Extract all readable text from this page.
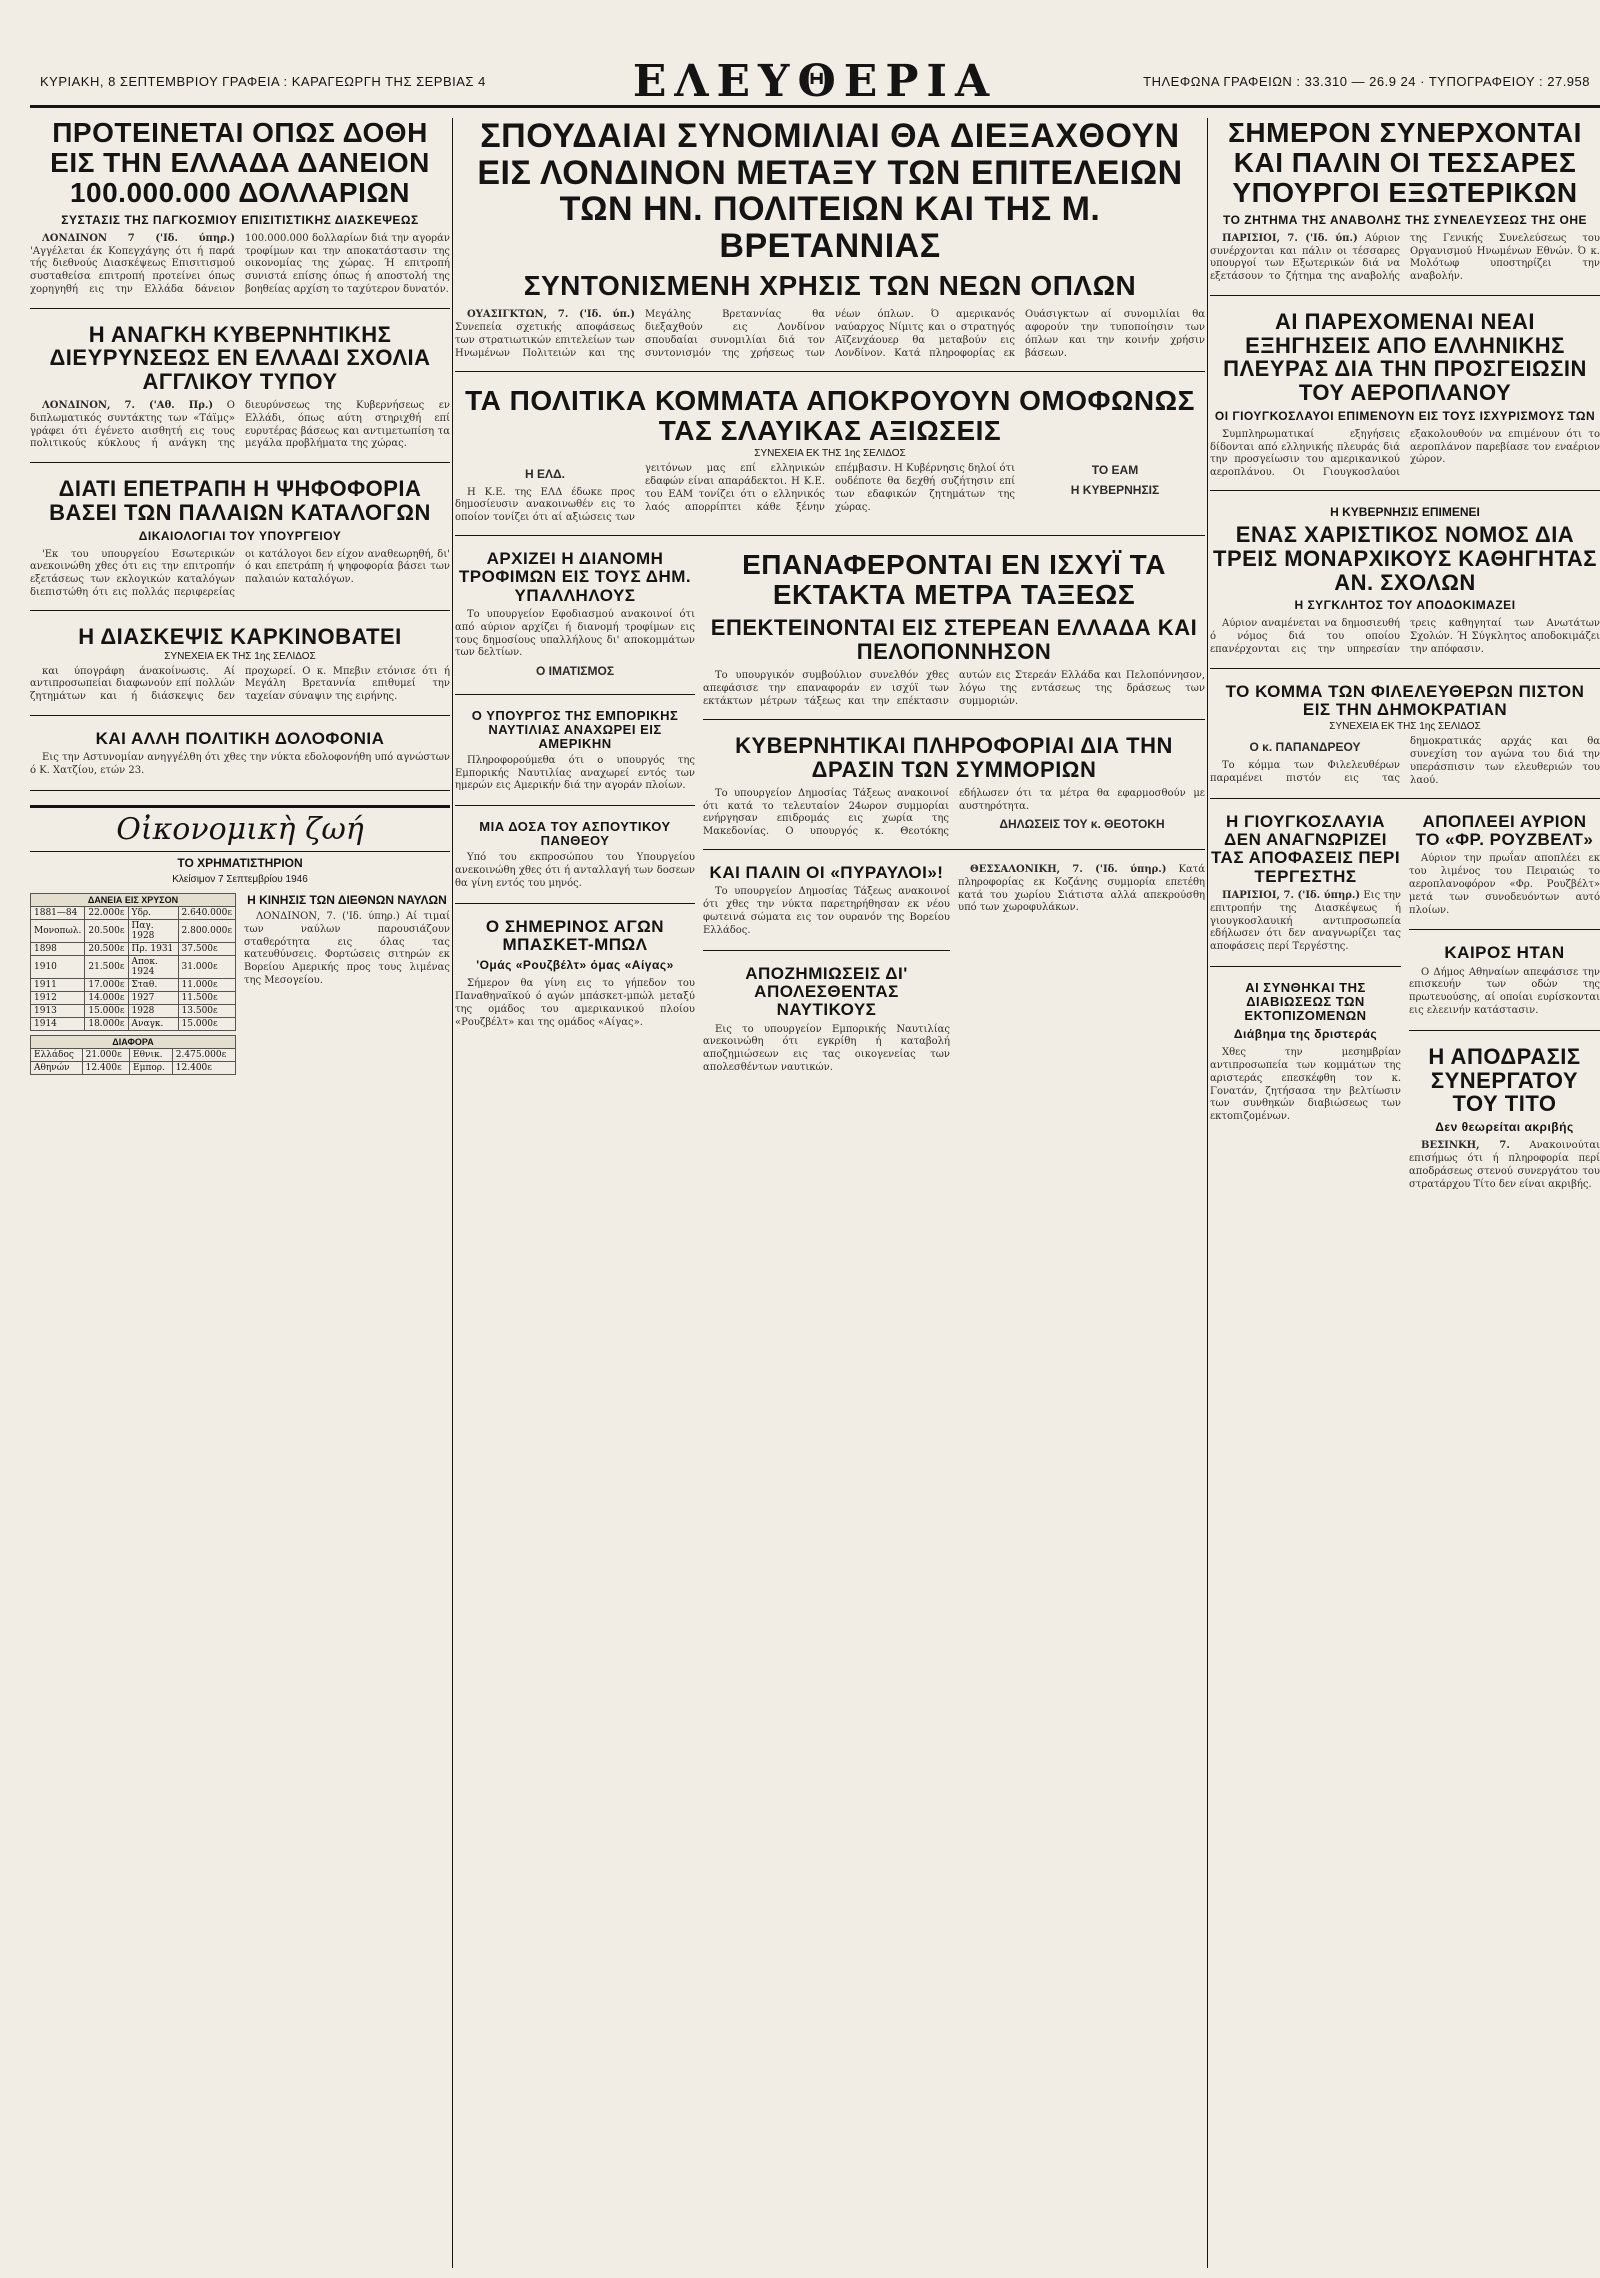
ΚΥΡΙΑΚΗ, 8 ΣΕΠΤΕΜΒΡΙΟΥ ΓΡΑΦΕΙΑ : ΚΑΡΑΓΕΩΡΓΗ ΤΗΣ ΣΕΡΒΙΑΣ 4	ΕΛΕΥΘΕΡΙΑ	ΤΗΛΕΦΩΝΑ ΓΡΑΦΕΙΩΝ : 33.310 — 26.9 24 · ΤΥΠΟΓΡΑΦΕΙΟΥ : 27.958
ΠΡΟΤΕΙΝΕΤΑΙ ΟΠΩΣ ΔΟΘΗ ΕΙΣ ΤΗΝ ΕΛΛΑΔΑ ΔΑΝΕΙΟΝ 100.000.000 ΔΟΛΛΑΡΙΩΝ
ΣΥΣΤΑΣΙΣ ΤΗΣ ΠΑΓΚΟΣΜΙΟΥ ΕΠΙΣΙΤΙΣΤΙΚΗΣ ΔΙΑΣΚΕΨΕΩΣ

ΛΟΝΔΙΝΟΝ 7 ('Ιδ. ύπηρ.) 'Αγγέλεται έκ Κοπεγχάγης ότι ή παρά τής διεθνούς Διασκέψεως Επισιτισμού συσταθείσα επιτροπή προτείνει όπως χορηγηθή εις την Ελλάδα δάνειον 100.000.000 δολλαρίων διά την αγοράν τροφίμων και την αποκατάστασιν της οικονομίας της χώρας. Ή επιτροπή συνιστά επίσης όπως ή αποστολή της βοηθείας αρχίση το ταχύτερον δυνατόν.

Η ΑΝΑΓΚΗ ΚΥΒΕΡΝΗΤΙΚΗΣ ΔΙΕΥΡΥΝΣΕΩΣ ΕΝ ΕΛΛΑΔΙ ΣΧΟΛΙΑ ΑΓΓΛΙΚΟΥ ΤΥΠΟΥ

ΛΟΝΔΙΝΟΝ, 7. ('Αθ. Πρ.) Ο διπλωματικός συντάκτης των «Τάϊμς» γράφει ότι έγένετο αισθητή εις τους πολιτικούς κύκλους ή ανάγκη της διευρύνσεως της Κυβερνήσεως εν Ελλάδι, όπως αύτη στηριχθή επί ευρυτέρας βάσεως και αντιμετωπίση τα μεγάλα προβλήματα της χώρας.

ΔΙΑΤΙ ΕΠΕΤΡΑΠΗ Η ΨΗΦΟΦΟΡΙΑ ΒΑΣΕΙ ΤΩΝ ΠΑΛΑΙΩΝ ΚΑΤΑΛΟΓΩΝ
ΔΙΚΑΙΟΛΟΓΙΑΙ ΤΟΥ ΥΠΟΥΡΓΕΙΟΥ

'Εκ του υπουργείου Εσωτερικών ανεκοινώθη χθες ότι εις την επιτροπήν εξετάσεως των εκλογικών καταλόγων διεπιστώθη ότι εις πολλάς περιφερείας οι κατάλογοι δεν είχον αναθεωρηθή, δι' ό και επετράπη ή ψηφοφορία βάσει των παλαιών καταλόγων.

Η ΔΙΑΣΚΕΨΙΣ ΚΑΡΚΙΝΟΒΑΤΕΙ
ΣΥΝΕΧΕΙΑ ΕΚ ΤΗΣ 1ης ΣΕΛΙΔΟΣ

και ύπογράφη άνακοίνωσις. Αί αντιπροσωπείαι διαφωνούν επί πολλών ζητημάτων και ή διάσκεψις δεν προχωρεί. Ο κ. Μπεβιν ετόνισε ότι ή Μεγάλη Βρεταννία επιθυμεί την ταχείαν σύναψιν της ειρήνης.

ΚΑΙ ΑΛΛΗ ΠΟΛΙΤΙΚΗ ΔΟΛΟΦΟΝΙΑ

Εις την Αστυνομίαν ανηγγέλθη ότι χθες την νύκτα εδολοφονήθη υπό αγνώστων ό Κ. Χατζίου, ετών 23.

Οἰκονομικὴ ζωή
ΤΟ ΧΡΗΜΑΤΙΣΤΗΡΙΟΝ
Κλείσιμον 7 Σεπτεμβρίου 1946
ΔΑΝΕΙΑ ΕΙΣ ΧΡΥΣΟΝ			
1881—84	22.000ε	Υδρ.	2.640.000ε
Μονοπωλ.	20.500ε	Παγ. 1928	2.800.000ε
1898	20.500ε	Πρ. 1931	37.500ε
1910	21.500ε	Αποκ. 1924	31.000ε
1911	17.000ε	Σταθ.	11.000ε
1912	14.000ε	1927	11.500ε
1913	15.000ε	1928	13.500ε
1914	18.000ε	Αναγκ.	15.000ε
ΔΙΑΦΟΡΑ			
Ελλάδος	21.000ε	Εθνικ.	2.475.000ε
Αθηνών	12.400ε	Εμπορ.	12.400ε
Η ΚΙΝΗΣΙΣ ΤΩΝ ΔΙΕΘΝΩΝ ΝΑΥΛΩΝ

ΛΟΝΔΙΝΟΝ, 7. ('Ιδ. ύπηρ.) Αί τιμαί των ναύλων παρουσιάζουν σταθερότητα εις όλας τας κατευθύνσεις. Φορτώσεις σιτηρών εκ Βορείου Αμερικής προς τους λιμένας της Μεσογείου.

ΣΠΟΥΔΑΙΑΙ ΣΥΝΟΜΙΛΙΑΙ ΘΑ ΔΙΕΞΑΧΘΟΥΝ ΕΙΣ ΛΟΝΔΙΝΟΝ ΜΕΤΑΞΥ ΤΩΝ ΕΠΙΤΕΛΕΙΩΝ ΤΩΝ ΗΝ. ΠΟΛΙΤΕΙΩΝ ΚΑΙ ΤΗΣ Μ. ΒΡΕΤΑΝΝΙΑΣ
ΣΥΝΤΟΝΙΣΜΕΝΗ ΧΡΗΣΙΣ ΤΩΝ ΝΕΩΝ ΟΠΛΩΝ

ΟΥΑΣΙΓΚΤΩΝ, 7. ('Ιδ. ύπ.) Συνεπεία σχετικής αποφάσεως των στρατιωτικών επιτελείων των Ηνωμένων Πολιτειών και της Μεγάλης Βρεταννίας θα διεξαχθούν εις Λονδίνον σπουδαίαι συνομιλίαι διά τον συντονισμόν της χρήσεως των νέων όπλων. Ό αμερικανός ναύαρχος Νίμιτς και ο στρατηγός Αϊζενχάουερ θα μεταβούν εις Λονδίνον. Κατά πληροφορίας εκ Ουάσιγκτων αί συνομιλίαι θα αφορούν την τυποποίησιν των όπλων και την κοινήν χρήσιν βάσεων.

ΤΑ ΠΟΛΙΤΙΚΑ ΚΟΜΜΑΤΑ ΑΠΟΚΡΟΥΟΥΝ ΟΜΟΦΩΝΩΣ ΤΑΣ ΣΛΑΥΙΚΑΣ ΑΞΙΩΣΕΙΣ
ΣΥΝΕΧΕΙΑ ΕΚ ΤΗΣ 1ης ΣΕΛΙΔΟΣ
Η ΕΛΔ.

Η Κ.Ε. της ΕΛΔ έδωκε προς δημοσίευσιν ανακοινωθέν εις το οποίον τονίζει ότι αί αξιώσεις των γειτόνων μας επί ελληνικών εδαφών είναι απαράδεκτοι. Η Κ.Ε. του ΕΑΜ τονίζει ότι ο ελληνικός λαός απορρίπτει κάθε ξένην επέμβασιν. Η Κυβέρνησις δηλοί ότι ουδέποτε θα δεχθή συζήτησιν επί των εδαφικών ζητημάτων της χώρας.

ΤΟ ΕΑΜ
Η ΚΥΒΕΡΝΗΣΙΣ
ΑΡΧΙΖΕΙ Η ΔΙΑΝΟΜΗ ΤΡΟΦΙΜΩΝ ΕΙΣ ΤΟΥΣ ΔΗΜ. ΥΠΑΛΛΗΛΟΥΣ

Το υπουργείον Εφοδιασμού ανακοινοί ότι από αύριον αρχίζει ή διανομή τροφίμων εις τους δημοσίους υπαλλήλους δι' αποκομμάτων των δελτίων.

Ο ΙΜΑΤΙΣΜΟΣ
Ο ΥΠΟΥΡΓΟΣ ΤΗΣ ΕΜΠΟΡΙΚΗΣ ΝΑΥΤΙΛΙΑΣ ΑΝΑΧΩΡΕΙ ΕΙΣ ΑΜΕΡΙΚΗΝ

Πληροφορούμεθα ότι ο υπουργός της Εμπορικής Ναυτιλίας αναχωρεί εντός των ημερών εις Αμερικήν διά την αγοράν πλοίων.

ΜΙΑ ΔΟΣΑ ΤΟΥ ΑΣΠΟΥΤΙΚΟΥ ΠΑΝΘΕΟΥ

Υπό του εκπροσώπου του Υπουργείου ανεκοινώθη χθες ότι ή ανταλλαγή των δοσεων θα γίνη εντός του μηνός.

Ο ΣΗΜΕΡΙΝΟΣ ΑΓΩΝ ΜΠΑΣΚΕΤ-ΜΠΩΛ
'Ομάς «Ρουζβέλτ» όμας «Αίγας»

Σήμερον θα γίνη εις το γήπεδον του Παναθηναϊκού ό αγών μπάσκετ-μπώλ μεταξύ της ομάδος του αμερικανικού πλοίου «Ρουζβέλτ» και της ομάδος «Αίγας».

ΕΠΑΝΑΦΕΡΟΝΤΑΙ ΕΝ ΙΣΧΥΪ ΤΑ ΕΚΤΑΚΤΑ ΜΕΤΡΑ ΤΑΞΕΩΣ
ΕΠΕΚΤΕΙΝΟΝΤΑΙ ΕΙΣ ΣΤΕΡΕΑΝ ΕΛΛΑΔΑ ΚΑΙ ΠΕΛΟΠΟΝΝΗΣΟΝ

Το υπουργικόν συμβούλιον συνελθόν χθες απεφάσισε την επαναφοράν εν ισχύϊ των εκτάκτων μέτρων τάξεως και την επέκτασιν αυτών εις Στερεάν Ελλάδα και Πελοπόννησον, λόγω της εντάσεως της δράσεως των συμμοριών.

ΚΥΒΕΡΝΗΤΙΚΑΙ ΠΛΗΡΟΦΟΡΙΑΙ ΔΙΑ ΤΗΝ ΔΡΑΣΙΝ ΤΩΝ ΣΥΜΜΟΡΙΩΝ

Το υπουργείον Δημοσίας Τάξεως ανακοινοί ότι κατά το τελευταίον 24ωρον συμμορίαι ενήργησαν επιδρομάς εις χωρία της Μακεδονίας. Ο υπουργός κ. Θεοτόκης εδήλωσεν ότι τα μέτρα θα εφαρμοσθούν με αυστηρότητα.

ΔΗΛΩΣΕΙΣ ΤΟΥ κ. ΘΕΟΤΟΚΗ
ΚΑΙ ΠΑΛΙΝ ΟΙ «ΠΥΡΑΥΛΟΙ»!

Το υπουργείον Δημοσίας Τάξεως ανακοινοί ότι χθες την νύκτα παρετηρήθησαν εκ νέου φωτεινά σώματα εις τον ουρανόν της Βορείου Ελλάδος.

ΑΠΟΖΗΜΙΩΣΕΙΣ ΔΙ' ΑΠΟΛΕΣΘΕΝΤΑΣ ΝΑΥΤΙΚΟΥΣ

Εις το υπουργείον Εμπορικής Ναυτιλίας ανεκοινώθη ότι εγκρίθη ή καταβολή αποζημιώσεων εις τας οικογενείας των απολεσθέντων ναυτικών.

ΘΕΣΣΑΛΟΝΙΚΗ, 7. ('Ιδ. ύπηρ.) Κατά πληροφορίας εκ Κοζάνης συμμορία επετέθη κατά του χωρίου Σιάτιστα αλλά απεκρούσθη υπό των χωροφυλάκων.

ΣΗΜΕΡΟΝ ΣΥΝΕΡΧΟΝΤΑΙ ΚΑΙ ΠΑΛΙΝ ΟΙ ΤΕΣΣΑΡΕΣ ΥΠΟΥΡΓΟΙ ΕΞΩΤΕΡΙΚΩΝ
ΤΟ ΖΗΤΗΜΑ ΤΗΣ ΑΝΑΒΟΛΗΣ ΤΗΣ ΣΥΝΕΛΕΥΣΕΩΣ ΤΗΣ ΟΗΕ

ΠΑΡΙΣΙΟΙ, 7. ('Ιδ. ύπ.) Αύριον συνέρχονται και πάλιν οι τέσσαρες υπουργοί των Εξωτερικών διά να εξετάσουν το ζήτημα της αναβολής της Γενικής Συνελεύσεως του Οργανισμού Ηνωμένων Εθνών. Ό κ. Μολότωφ υποστηρίζει την αναβολήν.

ΑΙ ΠΑΡΕΧΟΜΕΝΑΙ ΝΕΑΙ ΕΞΗΓΗΣΕΙΣ ΑΠΟ ΕΛΛΗΝΙΚΗΣ ΠΛΕΥΡΑΣ ΔΙΑ ΤΗΝ ΠΡΟΣΓΕΙΩΣΙΝ ΤΟΥ ΑΕΡΟΠΛΑΝΟΥ
ΟΙ ΓΙΟΥΓΚΟΣΛΑΥΟΙ ΕΠΙΜΕΝΟΥΝ ΕΙΣ ΤΟΥΣ ΙΣΧΥΡΙΣΜΟΥΣ ΤΩΝ

Συμπληρωματικαί εξηγήσεις δίδονται από ελληνικής πλευράς διά την προσγείωσιν του αμερικανικού αεροπλάνου. Οι Γιουγκοσλαύοι εξακολουθούν να επιμένουν ότι το αεροπλάνον παρεβίασε τον εναέριον χώρον.

Η ΚΥΒΕΡΝΗΣΙΣ ΕΠΙΜΕΝΕΙ
ΕΝΑΣ ΧΑΡΙΣΤΙΚΟΣ ΝΟΜΟΣ ΔΙΑ ΤΡΕΙΣ ΜΟΝΑΡΧΙΚΟΥΣ ΚΑΘΗΓΗΤΑΣ ΑΝ. ΣΧΟΛΩΝ
Η ΣΥΓΚΛΗΤΟΣ ΤΟΥ ΑΠΟΔΟΚΙΜΑΖΕΙ

Αύριον αναμένεται να δημοσιευθή ό νόμος διά του οποίου επανέρχονται εις την υπηρεσίαν τρεις καθηγηταί των Ανωτάτων Σχολών. Ή Σύγκλητος αποδοκιμάζει την απόφασιν.

ΤΟ ΚΟΜΜΑ ΤΩΝ ΦΙΛΕΛΕΥΘΕΡΩΝ ΠΙΣΤΟΝ ΕΙΣ ΤΗΝ ΔΗΜΟΚΡΑΤΙΑΝ
ΣΥΝΕΧΕΙΑ ΕΚ ΤΗΣ 1ης ΣΕΛΙΔΟΣ
Ο κ. ΠΑΠΑΝΔΡΕΟΥ

Το κόμμα των Φιλελευθέρων παραμένει πιστόν εις τας δημοκρατικάς αρχάς και θα συνεχίση τον αγώνα του διά την υπεράσπισιν των ελευθεριών του λαού.

Η ΓΙΟΥΓΚΟΣΛΑΥΙΑ ΔΕΝ ΑΝΑΓΝΩΡΙΖΕΙ ΤΑΣ ΑΠΟΦΑΣΕΙΣ ΠΕΡΙ ΤΕΡΓΕΣΤΗΣ

ΠΑΡΙΣΙΟΙ, 7. ('Ιδ. ύπηρ.) Εις την επιτροπήν της Διασκέψεως ή γιουγκοσλαυική αντιπροσωπεία εδήλωσεν ότι δεν αναγνωρίζει τας αποφάσεις περί Τεργέστης.

ΑΙ ΣΥΝΘΗΚΑΙ ΤΗΣ ΔΙΑΒΙΩΣΕΩΣ ΤΩΝ ΕΚΤΟΠΙΖΟΜΕΝΩΝ
Διάβημα της δριστεράς

Χθες την μεσημβρίαν αντιπροσωπεία των κομμάτων της αριστεράς επεσκέφθη τον κ. Γονατάν, ζητήσασα την βελτίωσιν των συνθηκών διαβιώσεως των εκτοπιζομένων.

ΑΠΟΠΛΕΕΙ ΑΥΡΙΟΝ ΤΟ «ΦΡ. ΡΟΥΖΒΕΛΤ»

Αύριον την πρωΐαν αποπλέει εκ του λιμένος του Πειραιώς το αεροπλανοφόρον «Φρ. Ρουζβέλτ» μετά των συνοδευόντων αυτό πλοίων.

ΚΑΙΡΟΣ ΗΤΑΝ

Ο Δήμος Αθηναίων απεφάσισε την επισκευήν των οδών της πρωτευούσης, αί οποίαι ευρίσκονται εις ελεεινήν κατάστασιν.

Η ΑΠΟΔΡΑΣΙΣ ΣΥΝΕΡΓΑΤΟΥ ΤΟΥ ΤΙΤΟ
Δεν θεωρείται ακριβής

ΒΕΣΙΝΚΗ, 7. Ανακοινούται επισήμως ότι ή πληροφορία περί αποδράσεως στενού συνεργάτου του στρατάρχου Τίτο δεν είναι ακριβής.
